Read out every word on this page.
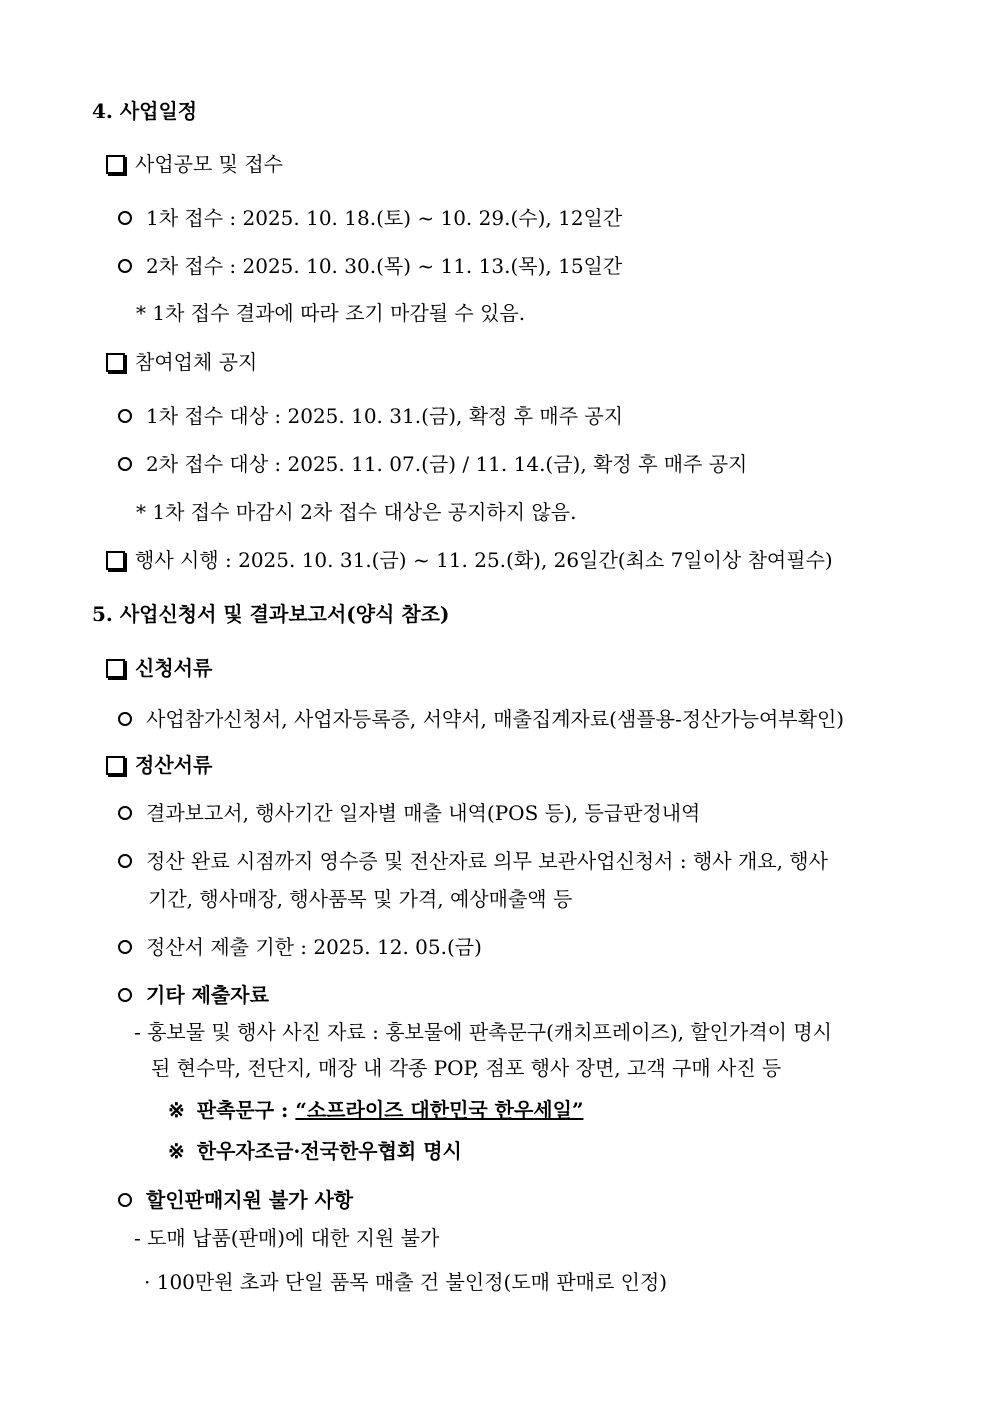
4. 사업일정
사업공모 및 접수
1차 접수 : 2025. 10. 18.(토) ~ 10. 29.(수), 12일간
2차 접수 : 2025. 10. 30.(목) ~ 11. 13.(목), 15일간
* 1차 접수 결과에 따라 조기 마감될 수 있음.
참여업체 공지
1차 접수 대상 : 2025. 10. 31.(금), 확정 후 매주 공지
2차 접수 대상 : 2025. 11. 07.(금) / 11. 14.(금), 확정 후 매주 공지
* 1차 접수 마감시 2차 접수 대상은 공지하지 않음.
행사 시행 : 2025. 10. 31.(금) ~ 11. 25.(화), 26일간(최소 7일이상 참여필수)
5. 사업신청서 및 결과보고서(양식 참조)
신청서류
사업참가신청서, 사업자등록증, 서약서, 매출집계자료(샘플용-정산가능여부확인)
정산서류
결과보고서, 행사기간 일자별 매출 내역(POS 등), 등급판정내역
정산 완료 시점까지 영수증 및 전산자료 의무 보관사업신청서 : 행사 개요, 행사
기간, 행사매장, 행사품목 및 가격, 예상매출액 등
정산서 제출 기한 : 2025. 12. 05.(금)
기타 제출자료
- 홍보물 및 행사 사진 자료 : 홍보물에 판촉문구(캐치프레이즈), 할인가격이 명시
된 현수막, 전단지, 매장 내 각종 POP, 점포 행사 장면, 고객 구매 사진 등
※ 판촉문구 : “소프라이즈 대한민국 한우세일”
※ 한우자조금·전국한우협회 명시
할인판매지원 불가 사항
- 도매 납품(판매)에 대한 지원 불가
· 100만원 초과 단일 품목 매출 건 불인정(도매 판매로 인정)
